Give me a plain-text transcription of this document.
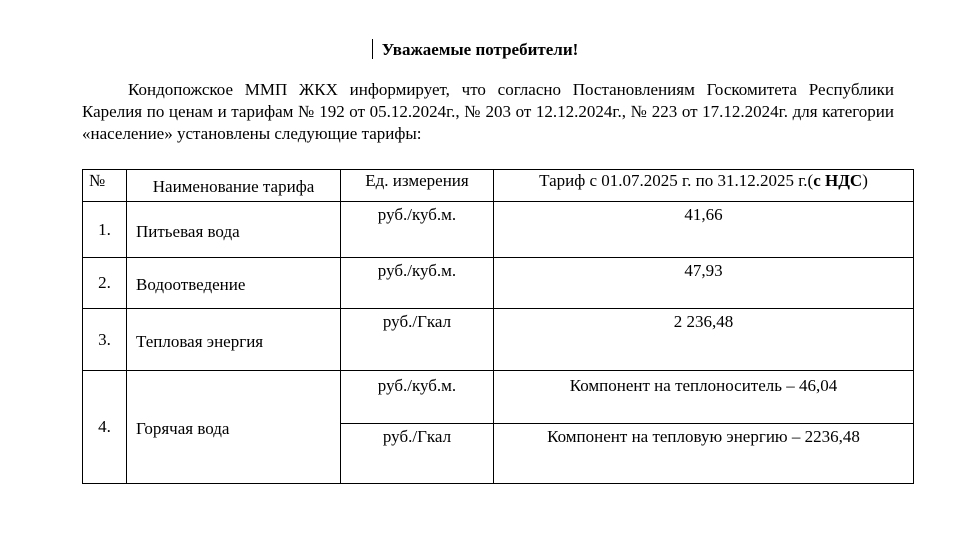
Уважаемые потребители!

Кондопожское ММП ЖКХ информирует, что согласно Постановлениям Госкомитета Республики Карелия по ценам и тарифам № 192 от 05.12.2024г., № 203 от 12.12.2024г., № 223 от 17.12.2024г. для категории «население» установлены следующие тарифы:

№	Наименование тарифа	Ед. измерения	Тариф с 01.07.2025 г. по 31.12.2025 г.(с НДС)
1.	Питьевая вода	руб./куб.м.	41,66
2.	Водоотведение	руб./куб.м.	47,93
3.	Тепловая энергия	руб./Гкал	2 236,48
4.	Горячая вода	руб./куб.м.	Компонент на теплоноситель – 46,04
		руб./Гкал	Компонент на тепловую энергию – 2236,48
